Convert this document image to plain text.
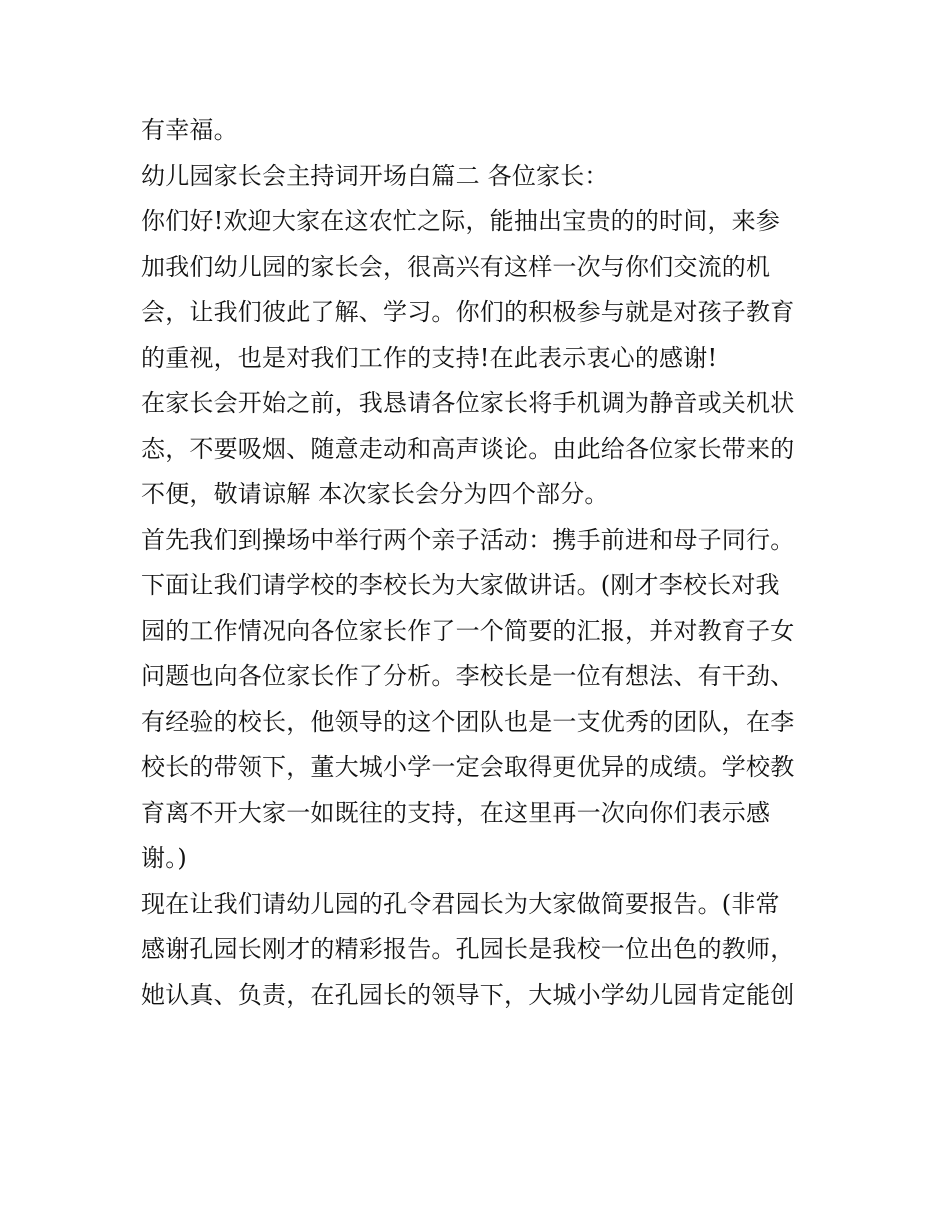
有幸福。
幼儿园家长会主持词开场白篇二 各位家长：
你们好!欢迎大家在这农忙之际，能抽出宝贵的的时间，来参
加我们幼儿园的家长会，很高兴有这样一次与你们交流的机
会，让我们彼此了解、学习。你们的积极参与就是对孩子教育
的重视，也是对我们工作的支持!在此表示衷心的感谢!
在家长会开始之前，我恳请各位家长将手机调为静音或关机状
态，不要吸烟、随意走动和高声谈论。由此给各位家长带来的
不便，敬请谅解 本次家长会分为四个部分。
首先我们到操场中举行两个亲子活动：携手前进和母子同行。
下面让我们请学校的李校长为大家做讲话。(刚才李校长对我
园的工作情况向各位家长作了一个简要的汇报，并对教育子女
问题也向各位家长作了分析。李校长是一位有想法、有干劲、
有经验的校长，他领导的这个团队也是一支优秀的团队，在李
校长的带领下，董大城小学一定会取得更优异的成绩。学校教
育离不开大家一如既往的支持，在这里再一次向你们表示感
谢。)
现在让我们请幼儿园的孔令君园长为大家做简要报告。(非常
感谢孔园长刚才的精彩报告。孔园长是我校一位出色的教师，
她认真、负责，在孔园长的领导下，大城小学幼儿园肯定能创
